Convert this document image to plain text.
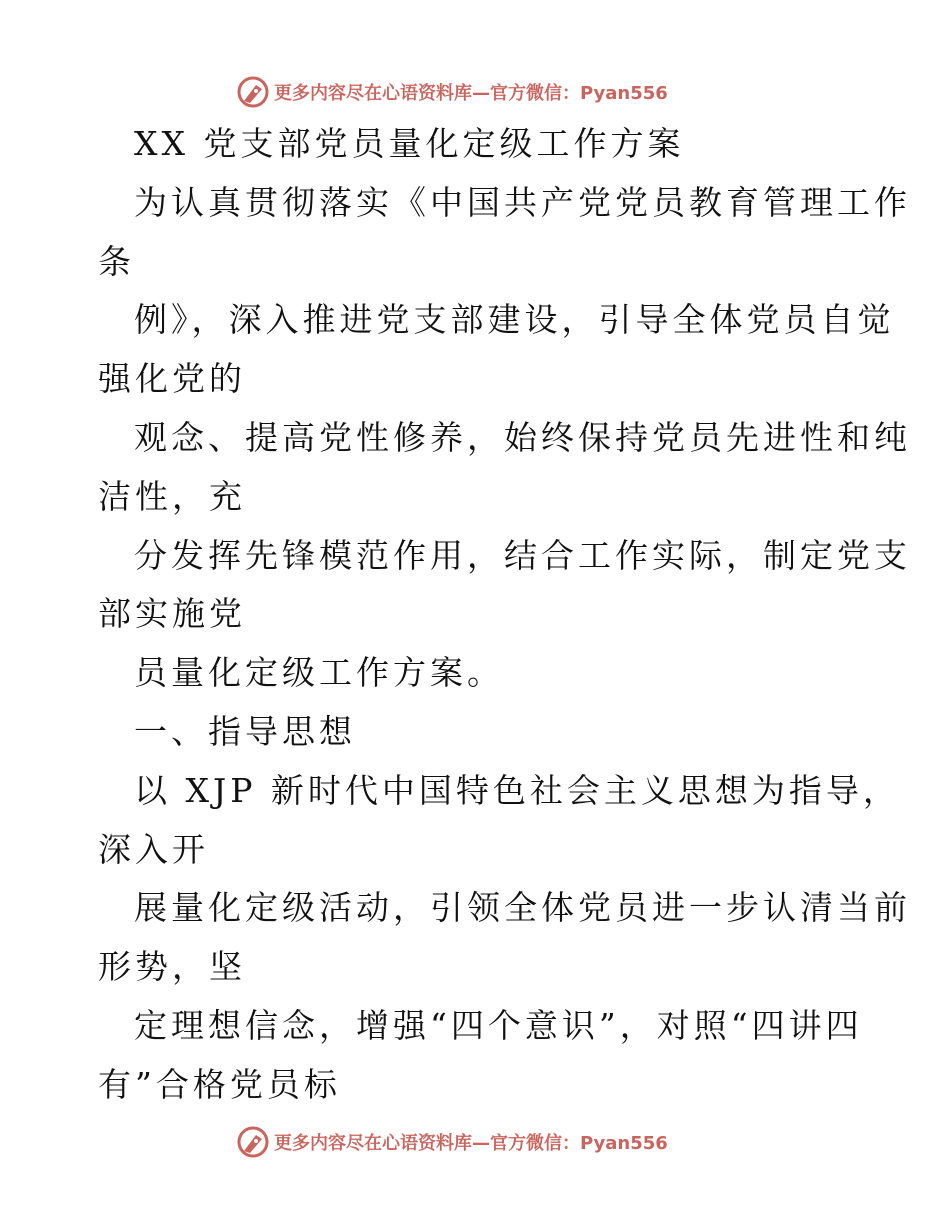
更多内容尽在心语资料库—官方微信：Pyan556
XX 党支部党员量化定级工作方案
为认真贯彻落实《中国共产党党员教育管理工作
条
例》，深入推进党支部建设，引导全体党员自觉
强化党的
观念、提高党性修养，始终保持党员先进性和纯
洁性，充
分发挥先锋模范作用，结合工作实际，制定党支
部实施党
员量化定级工作方案。
一、指导思想
以 XJP 新时代中国特色社会主义思想为指导，
深入开
展量化定级活动，引领全体党员进一步认清当前
形势，坚
定理想信念，增强“四个意识”，对照“四讲四
有”合格党员标
更多内容尽在心语资料库—官方微信：Pyan556
